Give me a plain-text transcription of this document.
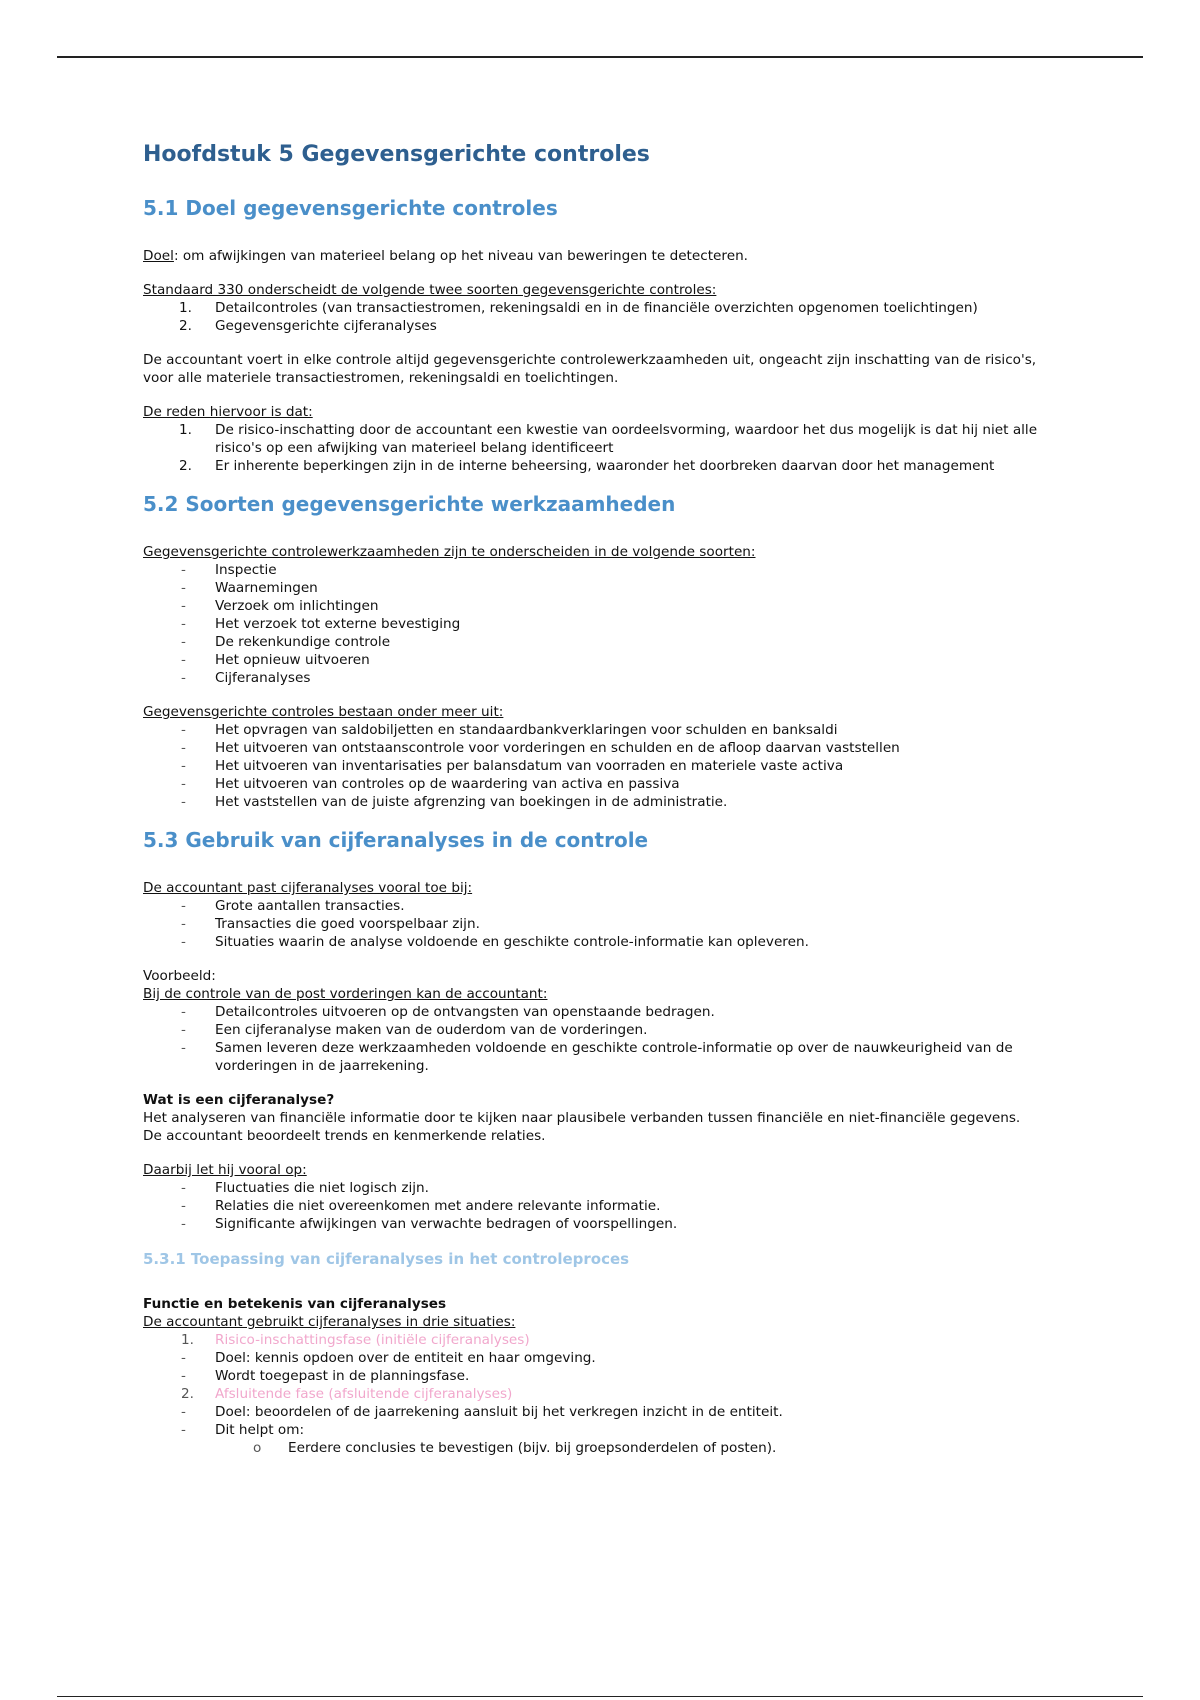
Hoofdstuk 5 Gegevensgerichte controles
5.1 Doel gegevensgerichte controles

Doel: om afwijkingen van materieel belang op het niveau van beweringen te detecteren.

Standaard 330 onderscheidt de volgende twee soorten gegevensgerichte controles:

1.	Detailcontroles (van transactiestromen, rekeningsaldi en in de financiële overzichten opgenomen toelichtingen)
2.	Gegevensgerichte cijferanalyses

De accountant voert in elke controle altijd gegevensgerichte controlewerkzaamheden uit, ongeacht zijn inschatting van de risico's, voor alle materiele transactiestromen, rekeningsaldi en toelichtingen.

De reden hiervoor is dat:

1.	De risico-inschatting door de accountant een kwestie van oordeelsvorming, waardoor het dus mogelijk is dat hij niet alle risico's op een afwijking van materieel belang identificeert
2.	Er inherente beperkingen zijn in de interne beheersing, waaronder het doorbreken daarvan door het management
5.2 Soorten gegevensgerichte werkzaamheden

Gegevensgerichte controlewerkzaamheden zijn te onderscheiden in de volgende soorten:

-	Inspectie
-	Waarnemingen
-	Verzoek om inlichtingen
-	Het verzoek tot externe bevestiging
-	De rekenkundige controle
-	Het opnieuw uitvoeren
-	Cijferanalyses

Gegevensgerichte controles bestaan onder meer uit:

-	Het opvragen van saldobiljetten en standaardbankverklaringen voor schulden en banksaldi
-	Het uitvoeren van ontstaanscontrole voor vorderingen en schulden en de afloop daarvan vaststellen
-	Het uitvoeren van inventarisaties per balansdatum van voorraden en materiele vaste activa
-	Het uitvoeren van controles op de waardering van activa en passiva
-	Het vaststellen van de juiste afgrenzing van boekingen in de administratie.
5.3 Gebruik van cijferanalyses in de controle

De accountant past cijferanalyses vooral toe bij:

-	Grote aantallen transacties.
-	Transacties die goed voorspelbaar zijn.
-	Situaties waarin de analyse voldoende en geschikte controle-informatie kan opleveren.

Voorbeeld:

Bij de controle van de post vorderingen kan de accountant:

-	Detailcontroles uitvoeren op de ontvangsten van openstaande bedragen.
-	Een cijferanalyse maken van de ouderdom van de vorderingen.
-	Samen leveren deze werkzaamheden voldoende en geschikte controle-informatie op over de nauwkeurigheid van de vorderingen in de jaarrekening.

Wat is een cijferanalyse?

Het analyseren van financiële informatie door te kijken naar plausibele verbanden tussen financiële en niet-financiële gegevens.

De accountant beoordeelt trends en kenmerkende relaties.

Daarbij let hij vooral op:

-	Fluctuaties die niet logisch zijn.
-	Relaties die niet overeenkomen met andere relevante informatie.
-	Significante afwijkingen van verwachte bedragen of voorspellingen.
5.3.1 Toepassing van cijferanalyses in het controleproces

Functie en betekenis van cijferanalyses

De accountant gebruikt cijferanalyses in drie situaties:

1.	Risico-inschattingsfase (initiële cijferanalyses)
-	Doel: kennis opdoen over de entiteit en haar omgeving.
-	Wordt toegepast in de planningsfase.
2.	Afsluitende fase (afsluitende cijferanalyses)
-	Doel: beoordelen of de jaarrekening aansluit bij het verkregen inzicht in de entiteit.
-	Dit helpt om:
o	Eerdere conclusies te bevestigen (bijv. bij groepsonderdelen of posten).
